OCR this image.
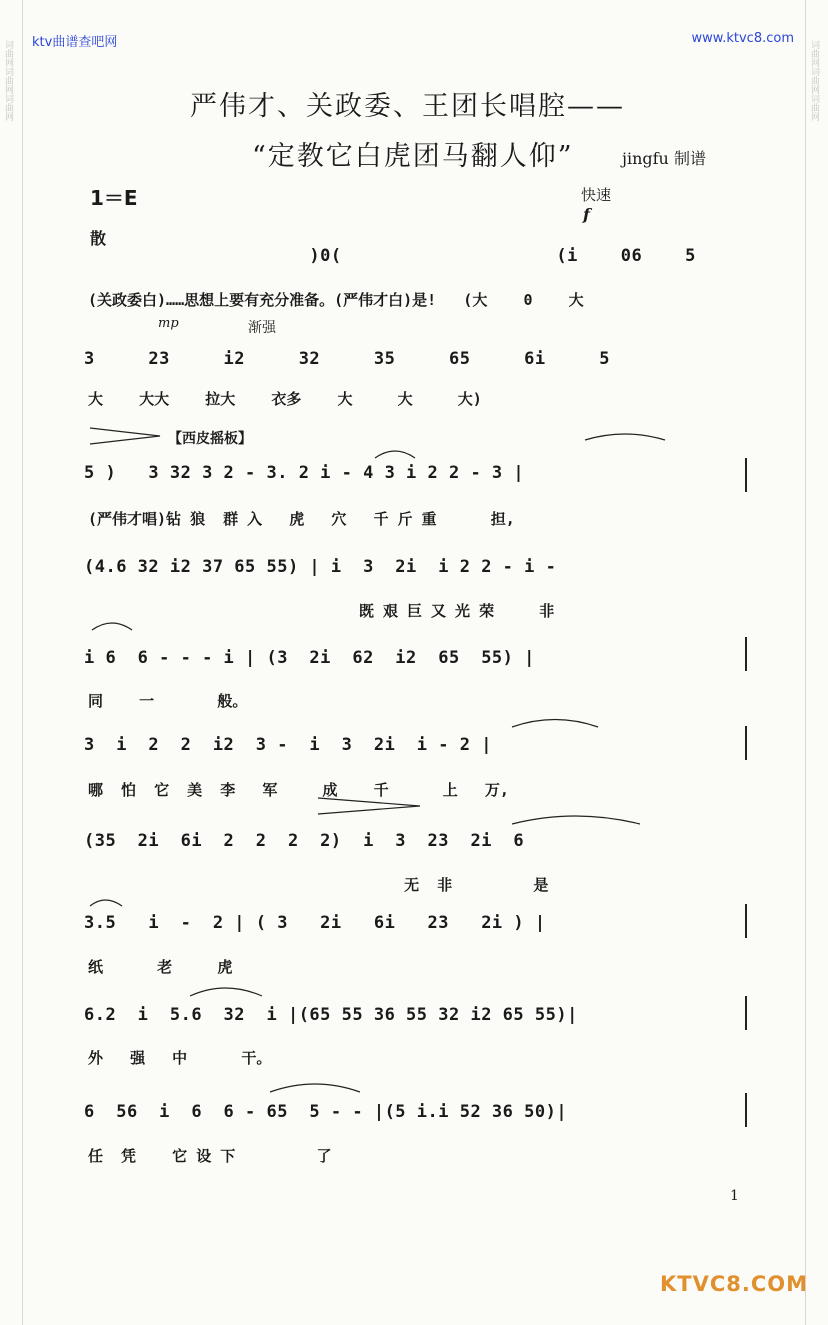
词曲网词曲网词曲网	词曲网词曲网词曲网
ktv曲谱查吧网	www.ktvc8.com
严伟才、关政委、王团长唱腔——
“定教它白虎团马翻人仰”	jingfu 制谱
1＝E	快速
f
散
mp	渐强
【西皮摇板】
)0(                    (i    06    5
(关政委白)……思想上要有充分准备。(严伟才白)是!   (大    0    大
3     23     i2     32     35     65     6i     5
大    大大    拉大    衣多    大     大     大)
5 )   3 32 3 2 - 3. 2 i - 4 3 i 2 2 - 3 |
(严伟才唱)钻 狼  群 入   虎   穴   千 斤 重      担,
(4.6 32 i2 37 65 55) | i  3  2i  i 2 2 - i -
既 艰 巨 又 光 荣     非
i 6  6 - - - i | (3  2i  62  i2  65  55) |
同    一       般。
3  i  2  2  i2  3 -  i  3  2i  i - 2 |
哪  怕  它  美  李   军     成    千      上   万,
(35  2i  6i  2  2  2  2)  i  3  23  2i  6
无  非         是
3.5   i  -  2 | ( 3   2i   6i   23   2i ) |
纸      老     虎
6.2  i  5.6  32  i |(65 55 36 55 32 i2 65 55)|
外   强   中      干。
6  56  i  6  6 - 65  5 - - |(5 i.i 52 36 50)|
任  凭    它 设 下         了
1
KTVC8.COM
